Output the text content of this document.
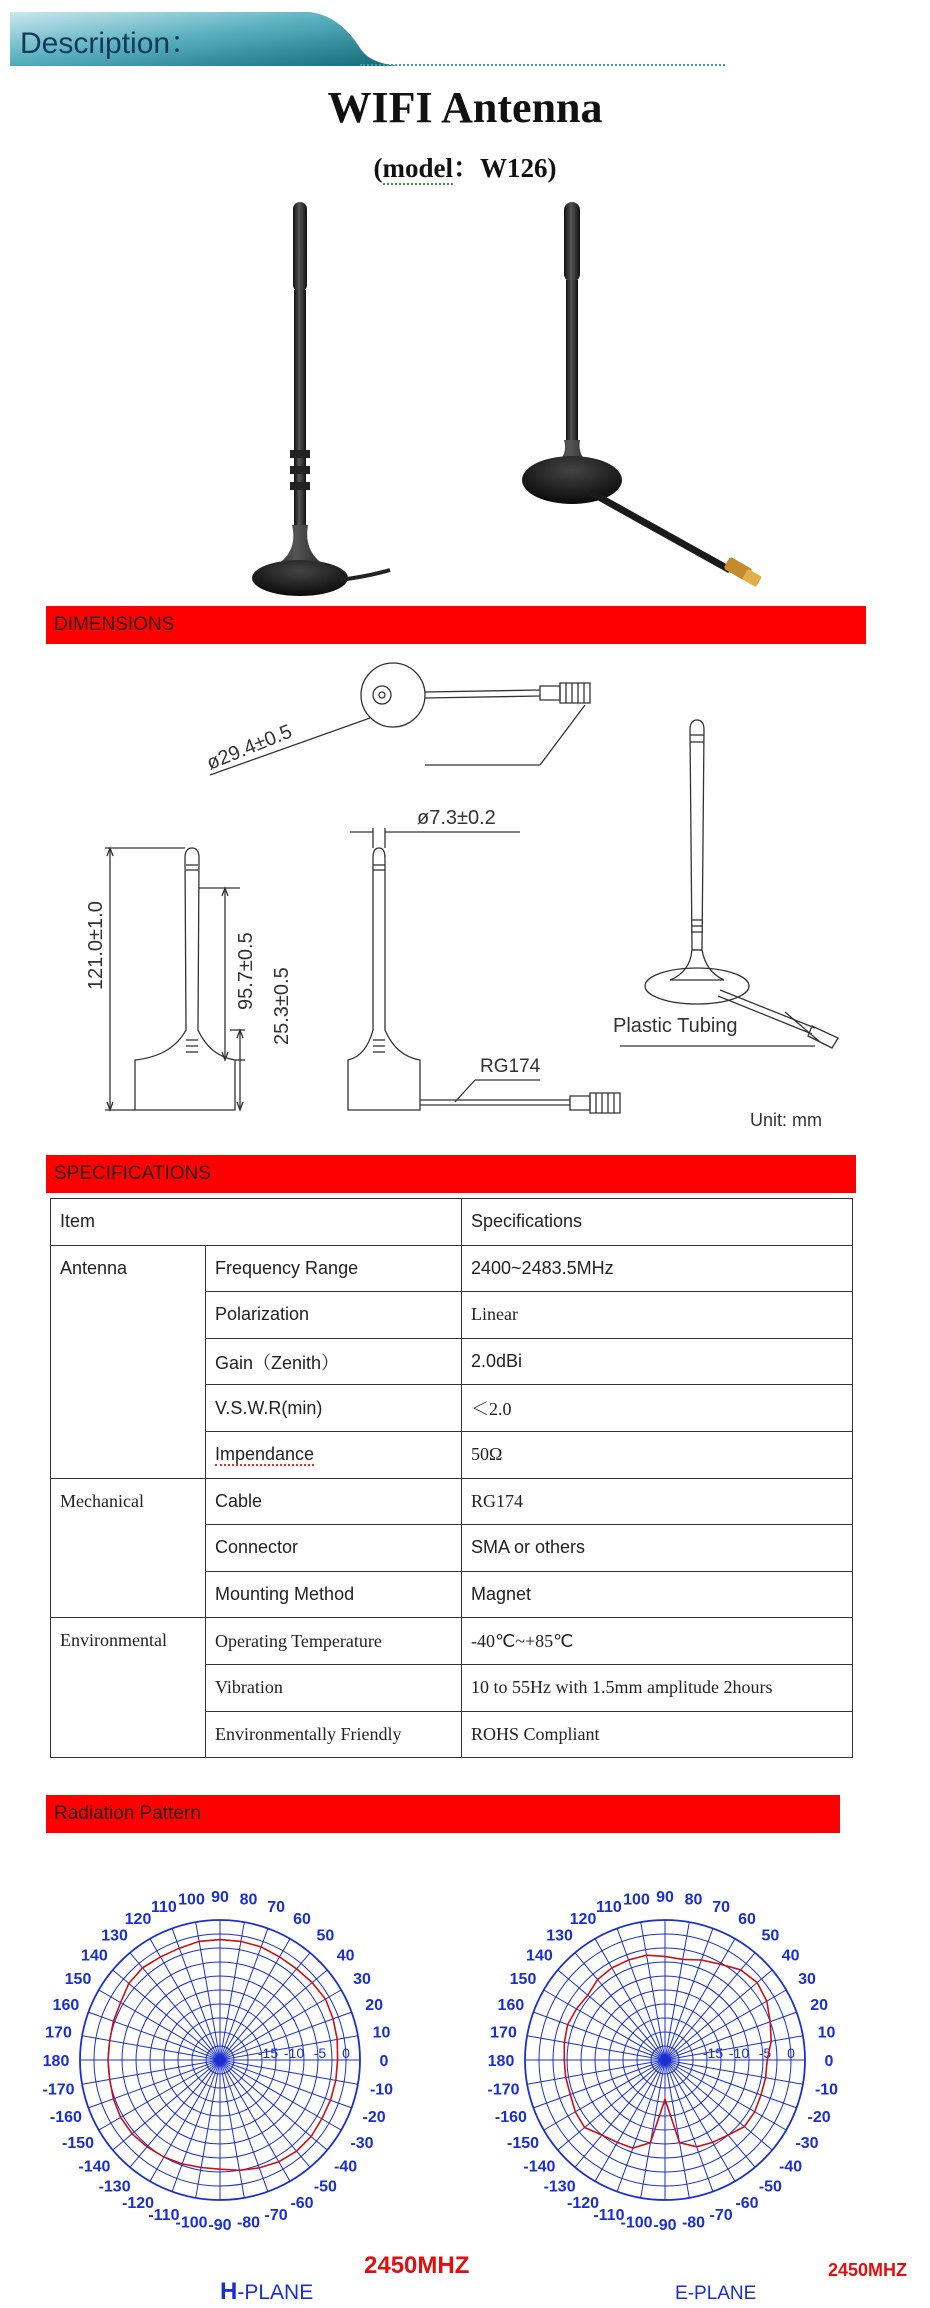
Description：
WIFI Antenna
(model：W126)
DIMENSIONS
ø29.4±0.5
ø7.3±0.2
121.0±1.0	95.7±0.5 25.3±0.5
RG174
Plastic Tubing
Unit: mm
SPECIFICATIONS
Item		Specifications
Antenna	Frequency Range	2400~2483.5MHz
	Polarization	Linear
	Gain（Zenith）	2.0dBi
	V.S.W.R(min)	＜2.0
	Impendance	50Ω
Mechanical	Cable	RG174
	Connector	SMA or others
	Mounting Method	Magnet
Environmental	Operating Temperature	-40℃~+85℃
	Vibration	10 to 55Hz with 1.5mm amplitude 2hours
	Environmentally Friendly	ROHS Compliant
Radiation Pattern
0
10
20
30
40
50
60
70
80
90
100
110
120
130
140
150
160
170
180
-170
-160
-150
-140
-130
-120
-110
-100 -90 -80 -70
-60
-50
-40
-30
-20
-10
-15 -10 -5 0	0
10
20
30
40
50
60
70
80
90
100
110
120
130
140
150
160
170
180
-170
-160
-150
-140
-130
-120
-110
-100 -90 -80 -70
-60
-50
-40
-30
-20
-10
-15 -10 -5 0
H-PLANE
2450MHZ
E-PLANE
2450MHZ
